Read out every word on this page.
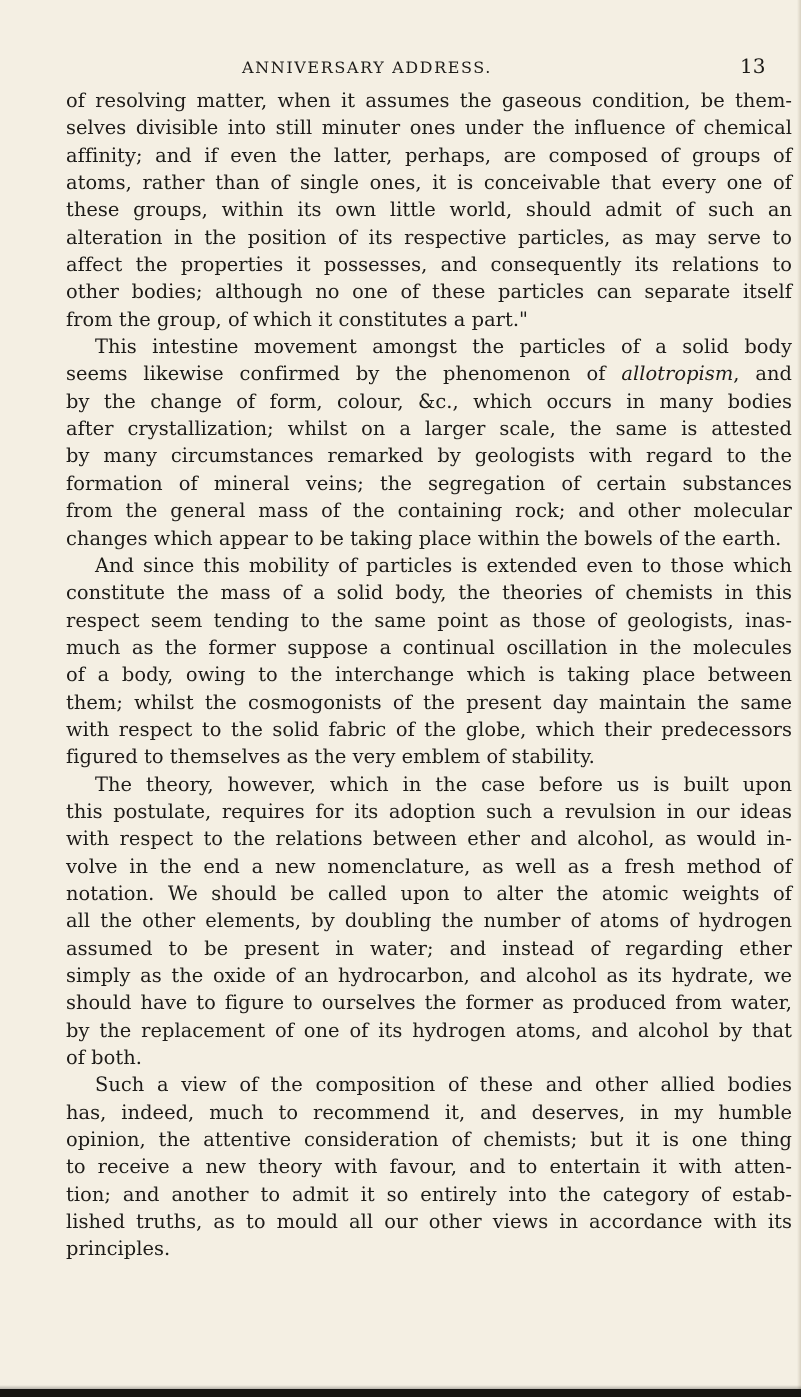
ANNIVERSARY ADDRESS.	13
of resolving matter, when it assumes the gaseous condition, be them-
selves divisible into still minuter ones under the influence of chemical
affinity; and if even the latter, perhaps, are composed of groups of
atoms, rather than of single ones, it is conceivable that every one of
these groups, within its own little world, should admit of such an
alteration in the position of its respective particles, as may serve to
affect the properties it possesses, and consequently its relations to
other bodies; although no one of these particles can separate itself
from the group, of which it constitutes a part."
This intestine movement amongst the particles of a solid body
seems likewise confirmed by the phenomenon of allotropism, and
by the change of form, colour, &c., which occurs in many bodies
after crystallization; whilst on a larger scale, the same is attested
by many circumstances remarked by geologists with regard to the
formation of mineral veins; the segregation of certain substances
from the general mass of the containing rock; and other molecular
changes which appear to be taking place within the bowels of the earth.
And since this mobility of particles is extended even to those which
constitute the mass of a solid body, the theories of chemists in this
respect seem tending to the same point as those of geologists, inas-
much as the former suppose a continual oscillation in the molecules
of a body, owing to the interchange which is taking place between
them; whilst the cosmogonists of the present day maintain the same
with respect to the solid fabric of the globe, which their predecessors
figured to themselves as the very emblem of stability.
The theory, however, which in the case before us is built upon
this postulate, requires for its adoption such a revulsion in our ideas
with respect to the relations between ether and alcohol, as would in-
volve in the end a new nomenclature, as well as a fresh method of
notation. We should be called upon to alter the atomic weights of
all the other elements, by doubling the number of atoms of hydrogen
assumed to be present in water; and instead of regarding ether
simply as the oxide of an hydrocarbon, and alcohol as its hydrate, we
should have to figure to ourselves the former as produced from water,
by the replacement of one of its hydrogen atoms, and alcohol by that
of both.
Such a view of the composition of these and other allied bodies
has, indeed, much to recommend it, and deserves, in my humble
opinion, the attentive consideration of chemists; but it is one thing
to receive a new theory with favour, and to entertain it with atten-
tion; and another to admit it so entirely into the category of estab-
lished truths, as to mould all our other views in accordance with its
principles.
